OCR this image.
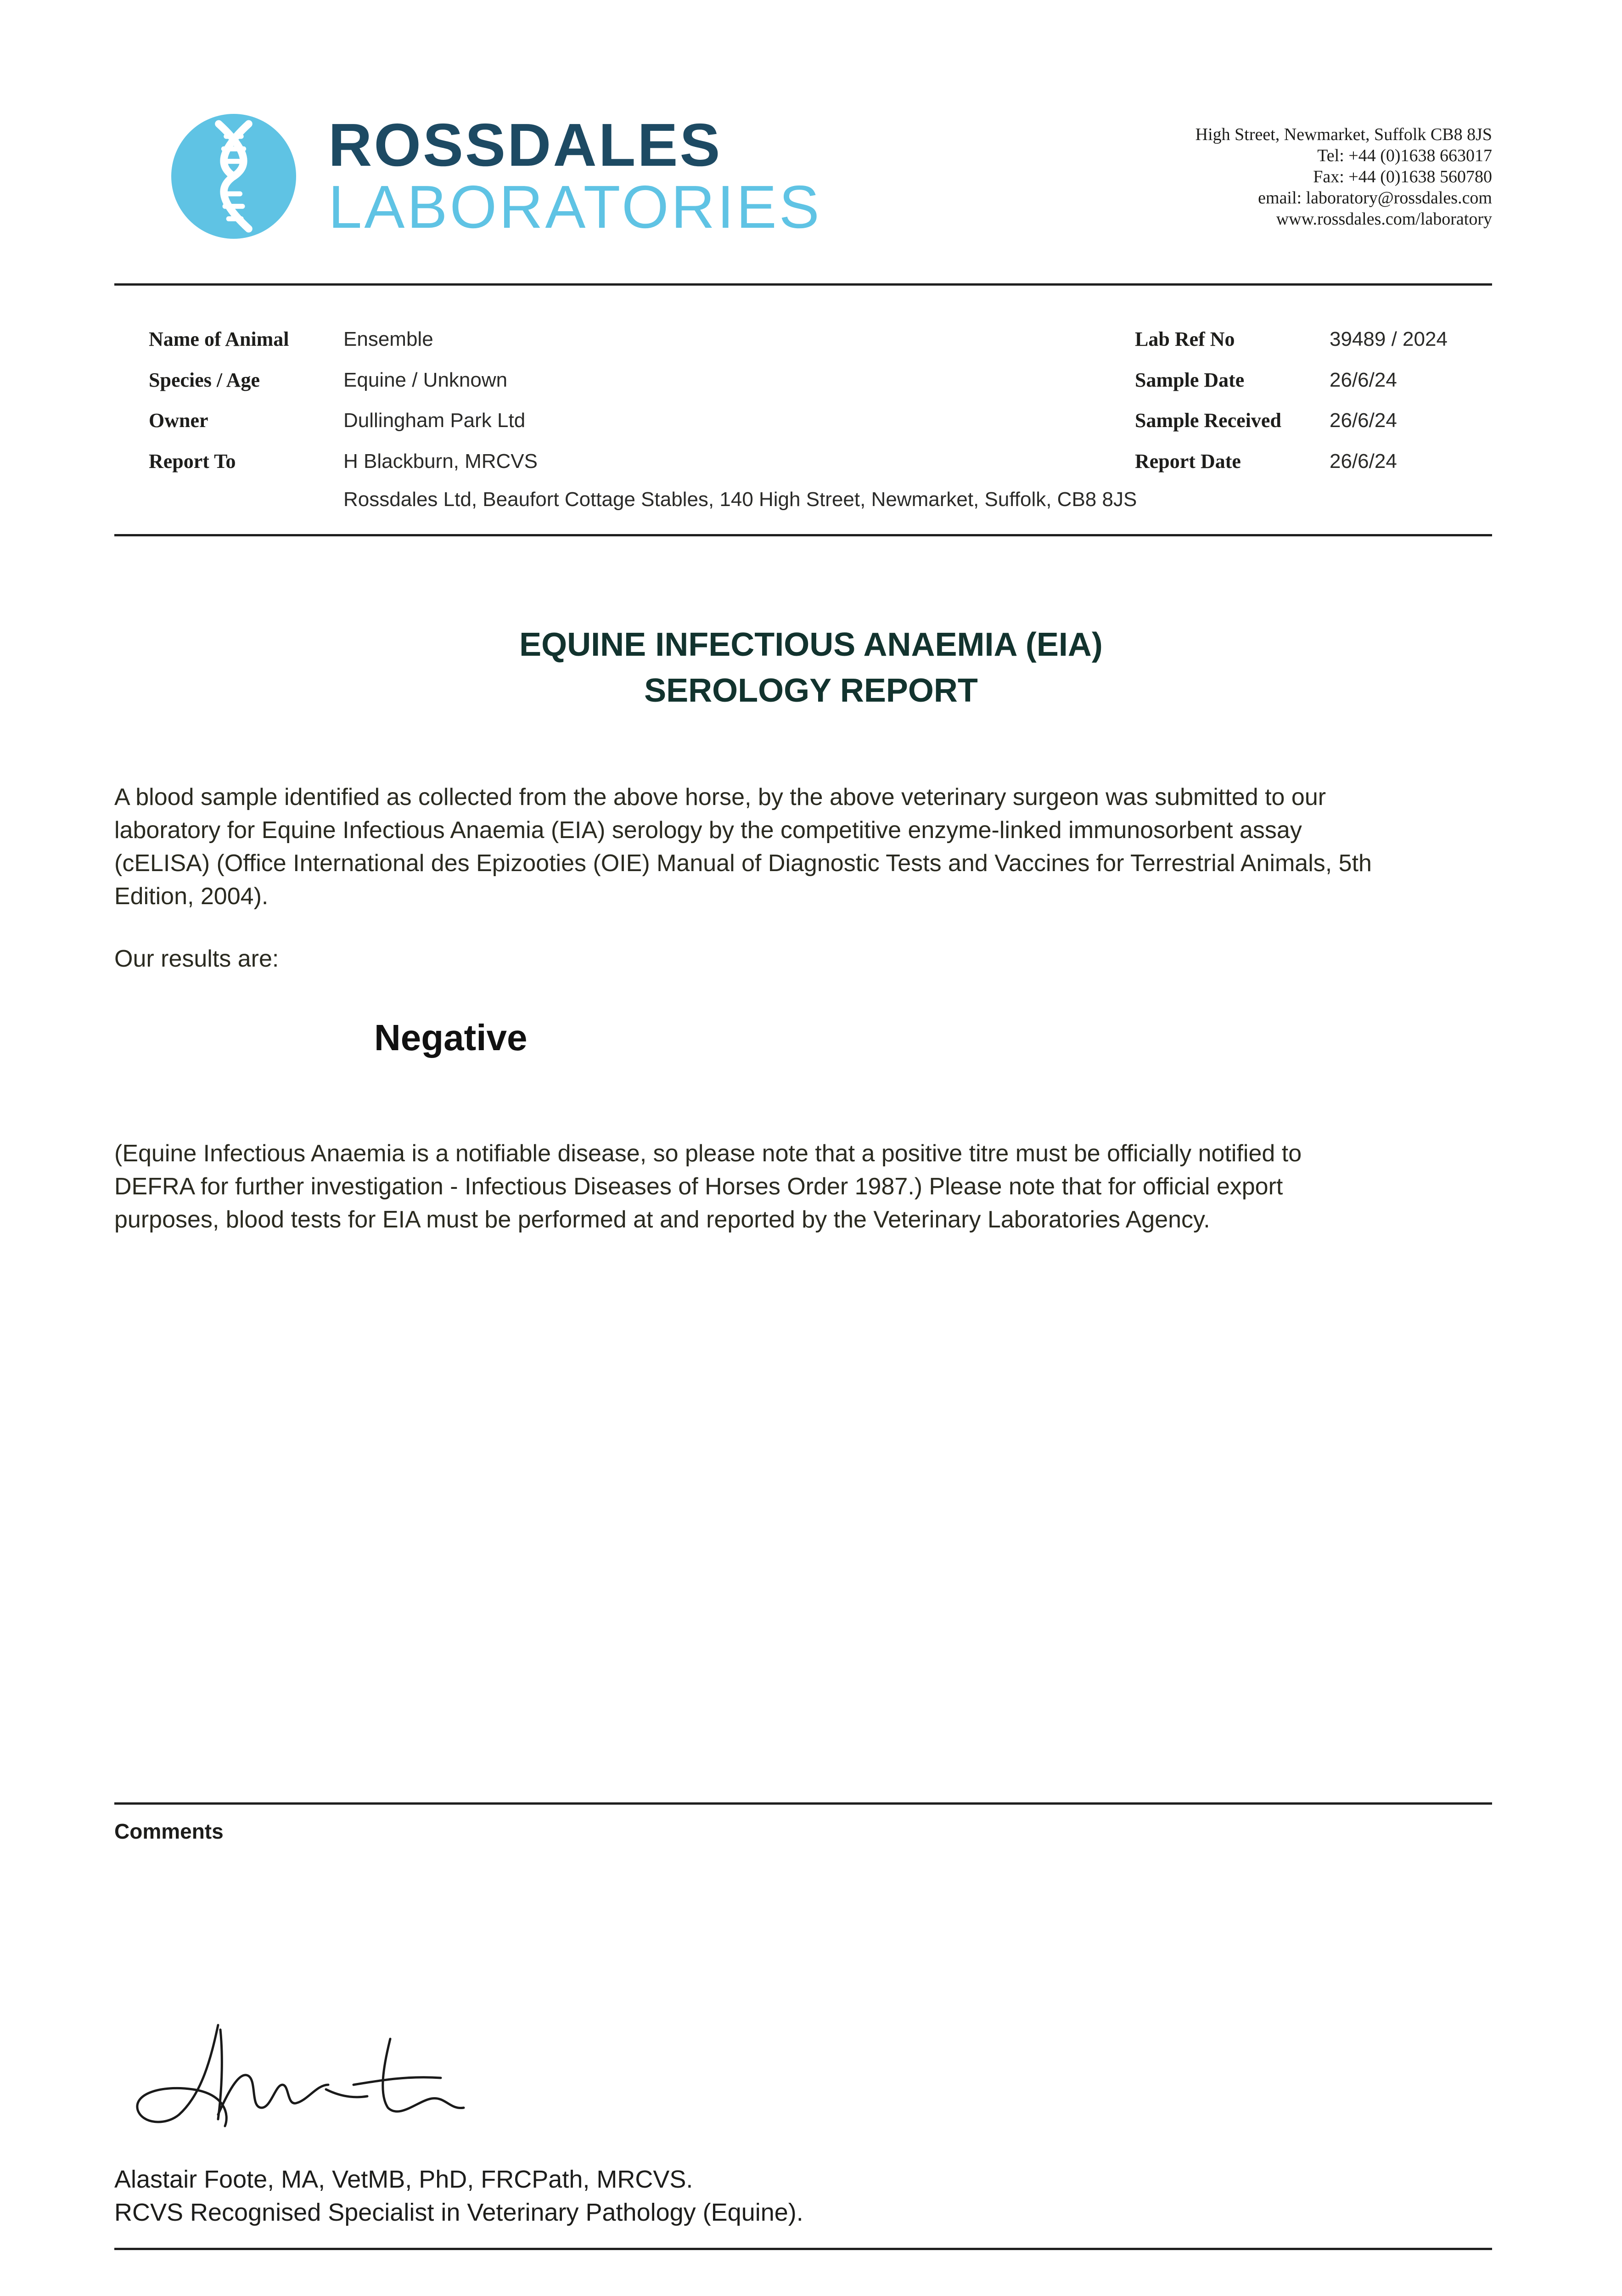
ROSSDALES
LABORATORIES
High Street, Newmarket, Suffolk CB8 8JS
Tel: +44 (0)1638 663017
Fax: +44 (0)1638 560780
email: laboratory@rossdales.com
www.rossdales.com/laboratory
Name of Animal	Ensemble
Species / Age	Equine / Unknown
Owner	Dullingham Park Ltd
Report To	H Blackburn, MRCVS
Rossdales Ltd, Beaufort Cottage Stables, 140 High Street, Newmarket, Suffolk, CB8 8JS
Lab Ref No	39489 / 2024
Sample Date	26/6/24
Sample Received 26/6/24
Report Date	26/6/24
EQUINE INFECTIOUS ANAEMIA (EIA)
SEROLOGY REPORT
A blood sample identified as collected from the above horse, by the above veterinary surgeon was submitted to our
laboratory for Equine Infectious Anaemia (EIA) serology by the competitive enzyme-linked immunosorbent assay
(cELISA) (Office International des Epizooties (OIE) Manual of Diagnostic Tests and Vaccines for Terrestrial Animals, 5th
Edition, 2004).
Our results are:
Negative
(Equine Infectious Anaemia is a notifiable disease, so please note that a positive titre must be officially notified to
DEFRA for further investigation - Infectious Diseases of Horses Order 1987.) Please note that for official export
purposes, blood tests for EIA must be performed at and reported by the Veterinary Laboratories Agency.
Comments
Alastair Foote, MA, VetMB, PhD, FRCPath, MRCVS.
RCVS Recognised Specialist in Veterinary Pathology (Equine).
